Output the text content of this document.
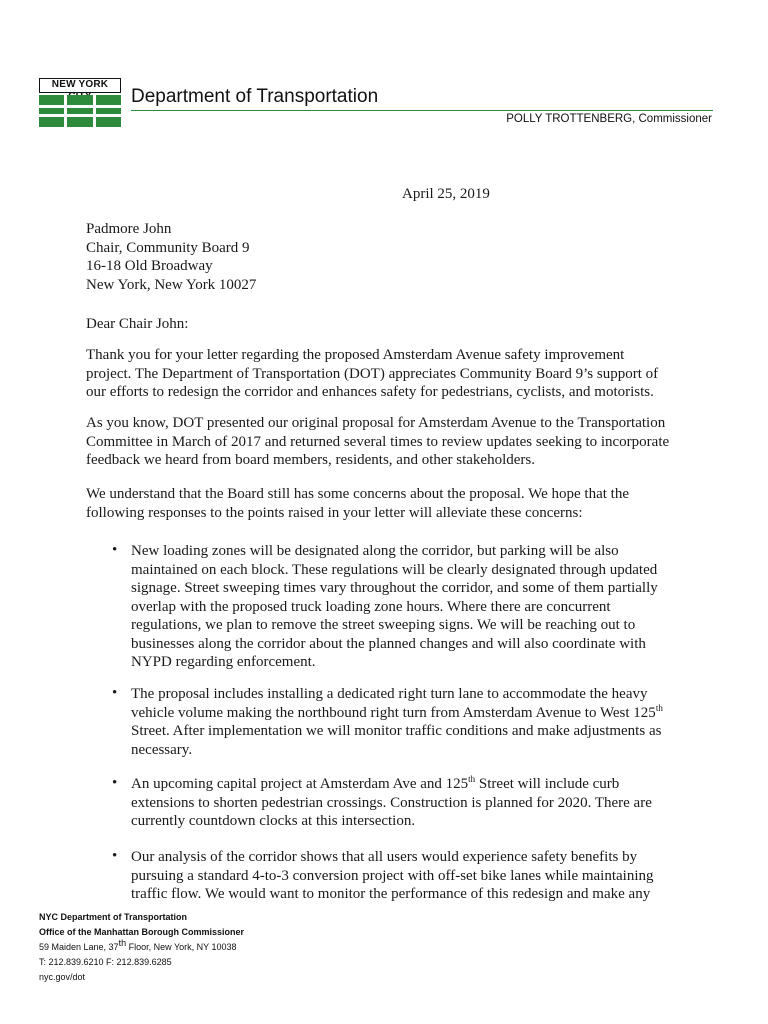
NEW YORK
Department of Transportation
POLLY TROTTENBERG, Commissioner
April 25, 2019
Padmore John
Chair, Community Board 9
16-18 Old Broadway
New York, New York 10027
Dear Chair John:
Thank you for your letter regarding the proposed Amsterdam Avenue safety improvement
project. The Department of Transportation (DOT) appreciates Community Board 9’s support of
our efforts to redesign the corridor and enhances safety for pedestrians, cyclists, and motorists.
As you know, DOT presented our original proposal for Amsterdam Avenue to the Transportation
Committee in March of 2017 and returned several times to review updates seeking to incorporate
feedback we heard from board members, residents, and other stakeholders.
We understand that the Board still has some concerns about the proposal. We hope that the
following responses to the points raised in your letter will alleviate these concerns:
• New loading zones will be designated along the corridor, but parking will be also
maintained on each block. These regulations will be clearly designated through updated
signage. Street sweeping times vary throughout the corridor, and some of them partially
overlap with the proposed truck loading zone hours. Where there are concurrent
regulations, we plan to remove the street sweeping signs. We will be reaching out to
businesses along the corridor about the planned changes and will also coordinate with
NYPD regarding enforcement.
• The proposal includes installing a dedicated right turn lane to accommodate the heavy
vehicle volume making the northbound right turn from Amsterdam Avenue to West 125th
Street. After implementation we will monitor traffic conditions and make adjustments as
necessary.
• An upcoming capital project at Amsterdam Ave and 125th Street will include curb
extensions to shorten pedestrian crossings. Construction is planned for 2020. There are
currently countdown clocks at this intersection.
• Our analysis of the corridor shows that all users would experience safety benefits by
pursuing a standard 4-to-3 conversion project with off-set bike lanes while maintaining
traffic flow. We would want to monitor the performance of this redesign and make any
NYC Department of Transportation
Office of the Manhattan Borough Commissioner
59 Maiden Lane, 37th Floor, New York, NY 10038
T: 212.839.6210 F: 212.839.6285
nyc.gov/dot
